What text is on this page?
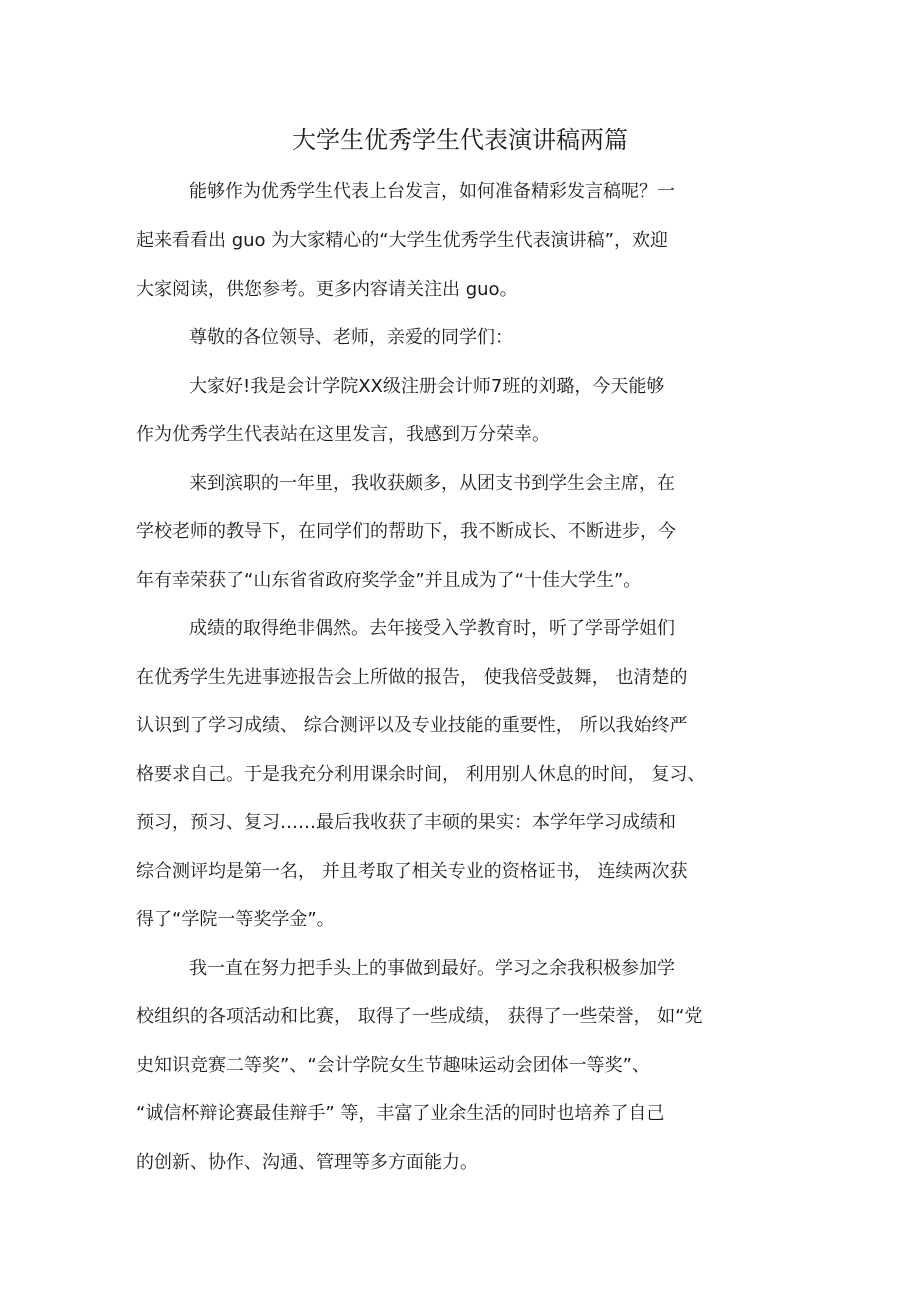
大学生优秀学生代表演讲稿两篇

能够作为优秀学生代表上台发言，如何准备精彩发言稿呢？一

起来看看出 guo 为大家精心的“大学生优秀学生代表演讲稿”，欢迎

大家阅读，供您参考。更多内容请关注出 guo。

尊敬的各位领导、老师，亲爱的同学们：

大家好!我是会计学院XX级注册会计师7班的刘璐，今天能够

作为优秀学生代表站在这里发言，我感到万分荣幸。

来到滨职的一年里，我收获颇多，从团支书到学生会主席，在

学校老师的教导下，在同学们的帮助下，我不断成长、不断进步，今

年有幸荣获了“山东省省政府奖学金”并且成为了“十佳大学生”。

成绩的取得绝非偶然。去年接受入学教育时，听了学哥学姐们

在优秀学生先进事迹报告会上所做的报告， 使我倍受鼓舞， 也清楚的

认识到了学习成绩、 综合测评以及专业技能的重要性， 所以我始终严

格要求自己。于是我充分利用课余时间， 利用别人休息的时间， 复习、

预习，预习、复习……最后我收获了丰硕的果实：本学年学习成绩和

综合测评均是第一名， 并且考取了相关专业的资格证书， 连续两次获

得了“学院一等奖学金”。

我一直在努力把手头上的事做到最好。学习之余我积极参加学

校组织的各项活动和比赛， 取得了一些成绩， 获得了一些荣誉， 如“党

史知识竞赛二等奖”、“会计学院女生节趣味运动会团体一等奖”、

“诚信杯辩论赛最佳辩手” 等，丰富了业余生活的同时也培养了自己

的创新、协作、沟通、管理等多方面能力。
